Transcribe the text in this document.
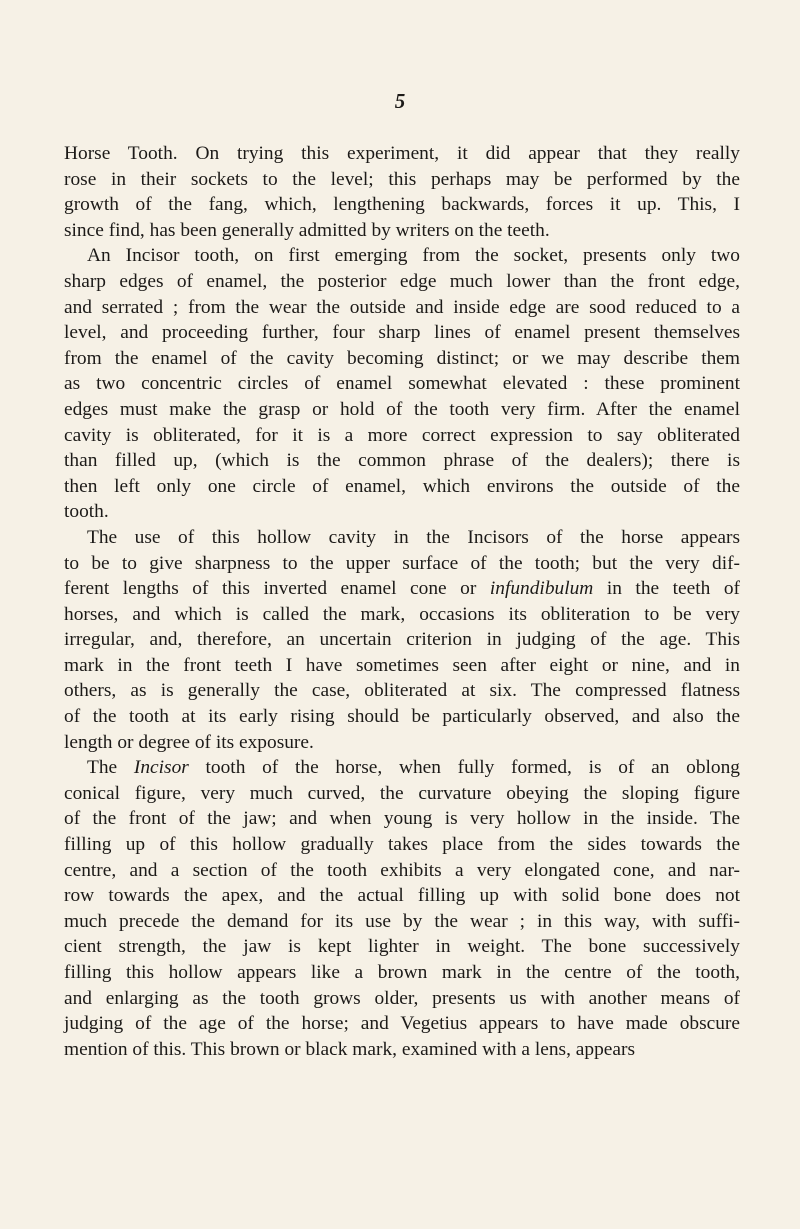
5
Horse Tooth. On trying this experiment, it did appear that they really
rose in their sockets to the level; this perhaps may be performed by the
growth of the fang, which, lengthening backwards, forces it up. This, I
since find, has been generally admitted by writers on the teeth.
An Incisor tooth, on first emerging from the socket, presents only two
sharp edges of enamel, the posterior edge much lower than the front edge,
and serrated ; from the wear the outside and inside edge are sood reduced to a
level, and proceeding further, four sharp lines of enamel present themselves
from the enamel of the cavity becoming distinct; or we may describe them
as two concentric circles of enamel somewhat elevated : these prominent
edges must make the grasp or hold of the tooth very firm. After the enamel
cavity is obliterated, for it is a more correct expression to say obliterated
than filled up, (which is the common phrase of the dealers); there is
then left only one circle of enamel, which environs the outside of the
tooth.
The use of this hollow cavity in the Incisors of the horse appears
to be to give sharpness to the upper surface of the tooth; but the very dif-
ferent lengths of this inverted enamel cone or infundibulum in the teeth of
horses, and which is called the mark, occasions its obliteration to be very
irregular, and, therefore, an uncertain criterion in judging of the age. This
mark in the front teeth I have sometimes seen after eight or nine, and in
others, as is generally the case, obliterated at six. The compressed flatness
of the tooth at its early rising should be particularly observed, and also the
length or degree of its exposure.
The Incisor tooth of the horse, when fully formed, is of an oblong
conical figure, very much curved, the curvature obeying the sloping figure
of the front of the jaw; and when young is very hollow in the inside. The
filling up of this hollow gradually takes place from the sides towards the
centre, and a section of the tooth exhibits a very elongated cone, and nar-
row towards the apex, and the actual filling up with solid bone does not
much precede the demand for its use by the wear ; in this way, with suffi-
cient strength, the jaw is kept lighter in weight. The bone successively
filling this hollow appears like a brown mark in the centre of the tooth,
and enlarging as the tooth grows older, presents us with another means of
judging of the age of the horse; and Vegetius appears to have made obscure
mention of this. This brown or black mark, examined with a lens, appears
